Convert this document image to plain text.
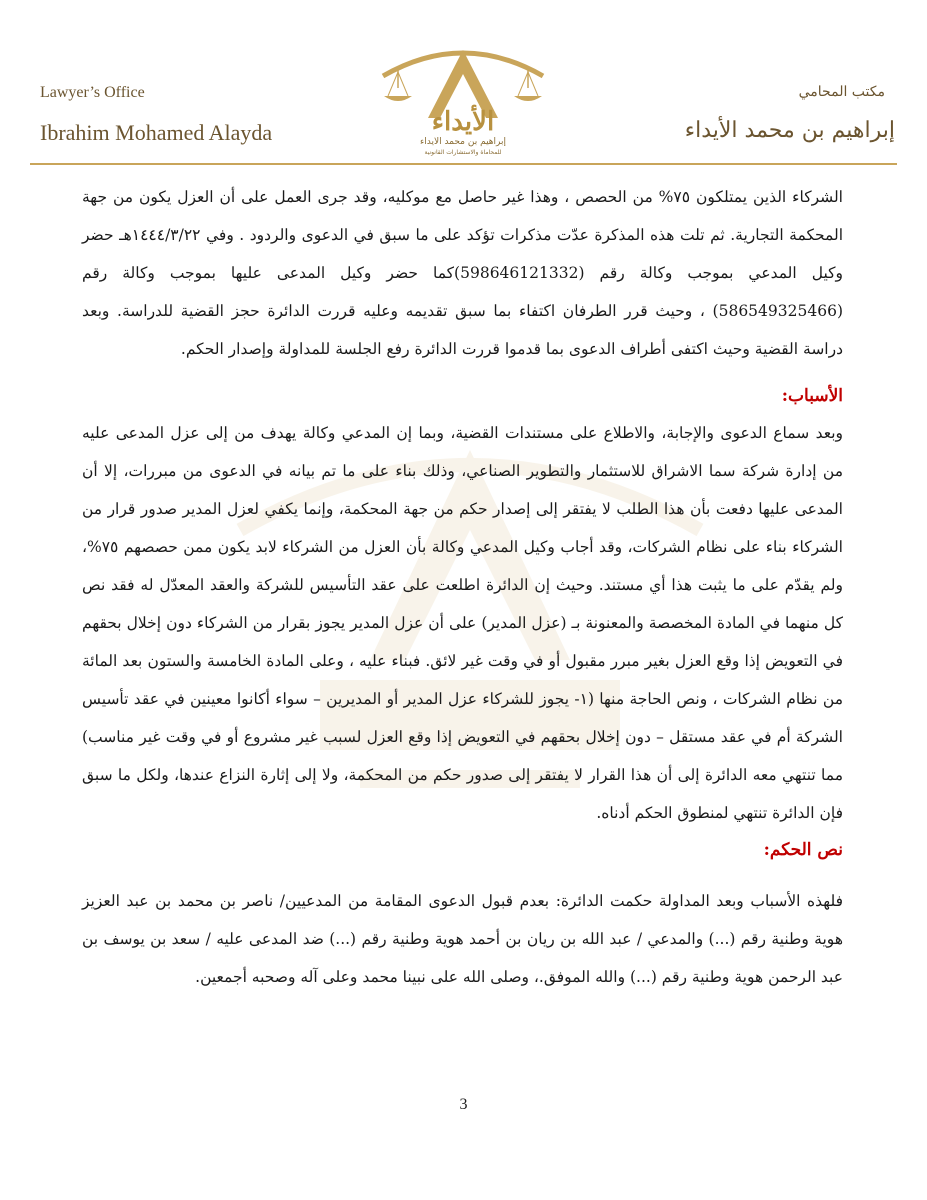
Lawyer’s Office
Ibrahim Mohamed Alayda
مكتب المحامي
إبراهيم بن محمد الأيداء
الأيداء
إبراهيم بن محمد الايداء
للمحاماة والاستشارات القانونية

الشركاء الذين يمتلكون ٧٥% من الحصص ، وهذا غير حاصل مع موكليه، وقد جرى العمل على أن العزل يكون من جهة المحكمة التجارية. ثم تلت هذه المذكرة عدّت مذكرات تؤكد على ما سبق في الدعوى والردود . وفي ١٤٤٤/٣/٢٢هـ حضر وكيل المدعي بموجب وكالة رقم (598646121332)كما حضر وكيل المدعى عليها بموجب وكالة رقم (586549325466) ، وحيث قرر الطرفان اكتفاء بما سبق تقديمه وعليه قررت الدائرة حجز القضية للدراسة. وبعد دراسة القضية وحيث اكتفى أطراف الدعوى بما قدموا قررت الدائرة رفع الجلسة للمداولة وإصدار الحكم.

الأسباب:

وبعد سماع الدعوى والإجابة، والاطلاع على مستندات القضية، وبما إن المدعي وكالة يهدف من إلى عزل المدعى عليه من إدارة شركة سما الاشراق للاستثمار والتطوير الصناعي، وذلك بناء على ما تم بيانه في الدعوى من مبررات، إلا أن المدعى عليها دفعت بأن هذا الطلب لا يفتقر إلى إصدار حكم من جهة المحكمة، وإنما يكفي لعزل المدير صدور قرار من الشركاء بناء على نظام الشركات، وقد أجاب وكيل المدعي وكالة بأن العزل من الشركاء لابد يكون ممن حصصهم ٧٥%، ولم يقدّم على ما يثبت هذا أي مستند. وحيث إن الدائرة اطلعت على عقد التأسيس للشركة والعقد المعدّل له فقد نص كل منهما في المادة المخصصة والمعنونة بـ (عزل المدير) على أن عزل المدير يجوز بقرار من الشركاء دون إخلال بحقهم في التعويض إذا وقع العزل بغير مبرر مقبول أو في وقت غير لائق. فبناء عليه ، وعلى المادة الخامسة والستون بعد المائة من نظام الشركات ، ونص الحاجة منها (١- يجوز للشركاء عزل المدير أو المديرين – سواء أكانوا معينين في عقد تأسيس الشركة أم في عقد مستقل – دون إخلال بحقهم في التعويض إذا وقع العزل لسبب غير مشروع أو في وقت غير مناسب) مما تنتهي معه الدائرة إلى أن هذا القرار لا يفتقر إلى صدور حكم من المحكمة، ولا إلى إثارة النزاع عندها، ولكل ما سبق فإن الدائرة تنتهي لمنطوق الحكم أدناه.

نص الحكم:

فلهذه الأسباب وبعد المداولة حكمت الدائرة: بعدم قبول الدعوى المقامة من المدعيين/ ناصر بن محمد بن عبد العزيز هوية وطنية رقم (...) والمدعي / عبد الله بن ريان بن أحمد هوية وطنية رقم (...) ضد المدعى عليه / سعد بن يوسف بن عبد الرحمن هوية وطنية رقم (...) والله الموفق.، وصلى الله على نبينا محمد وعلى آله وصحبه أجمعين.

3
